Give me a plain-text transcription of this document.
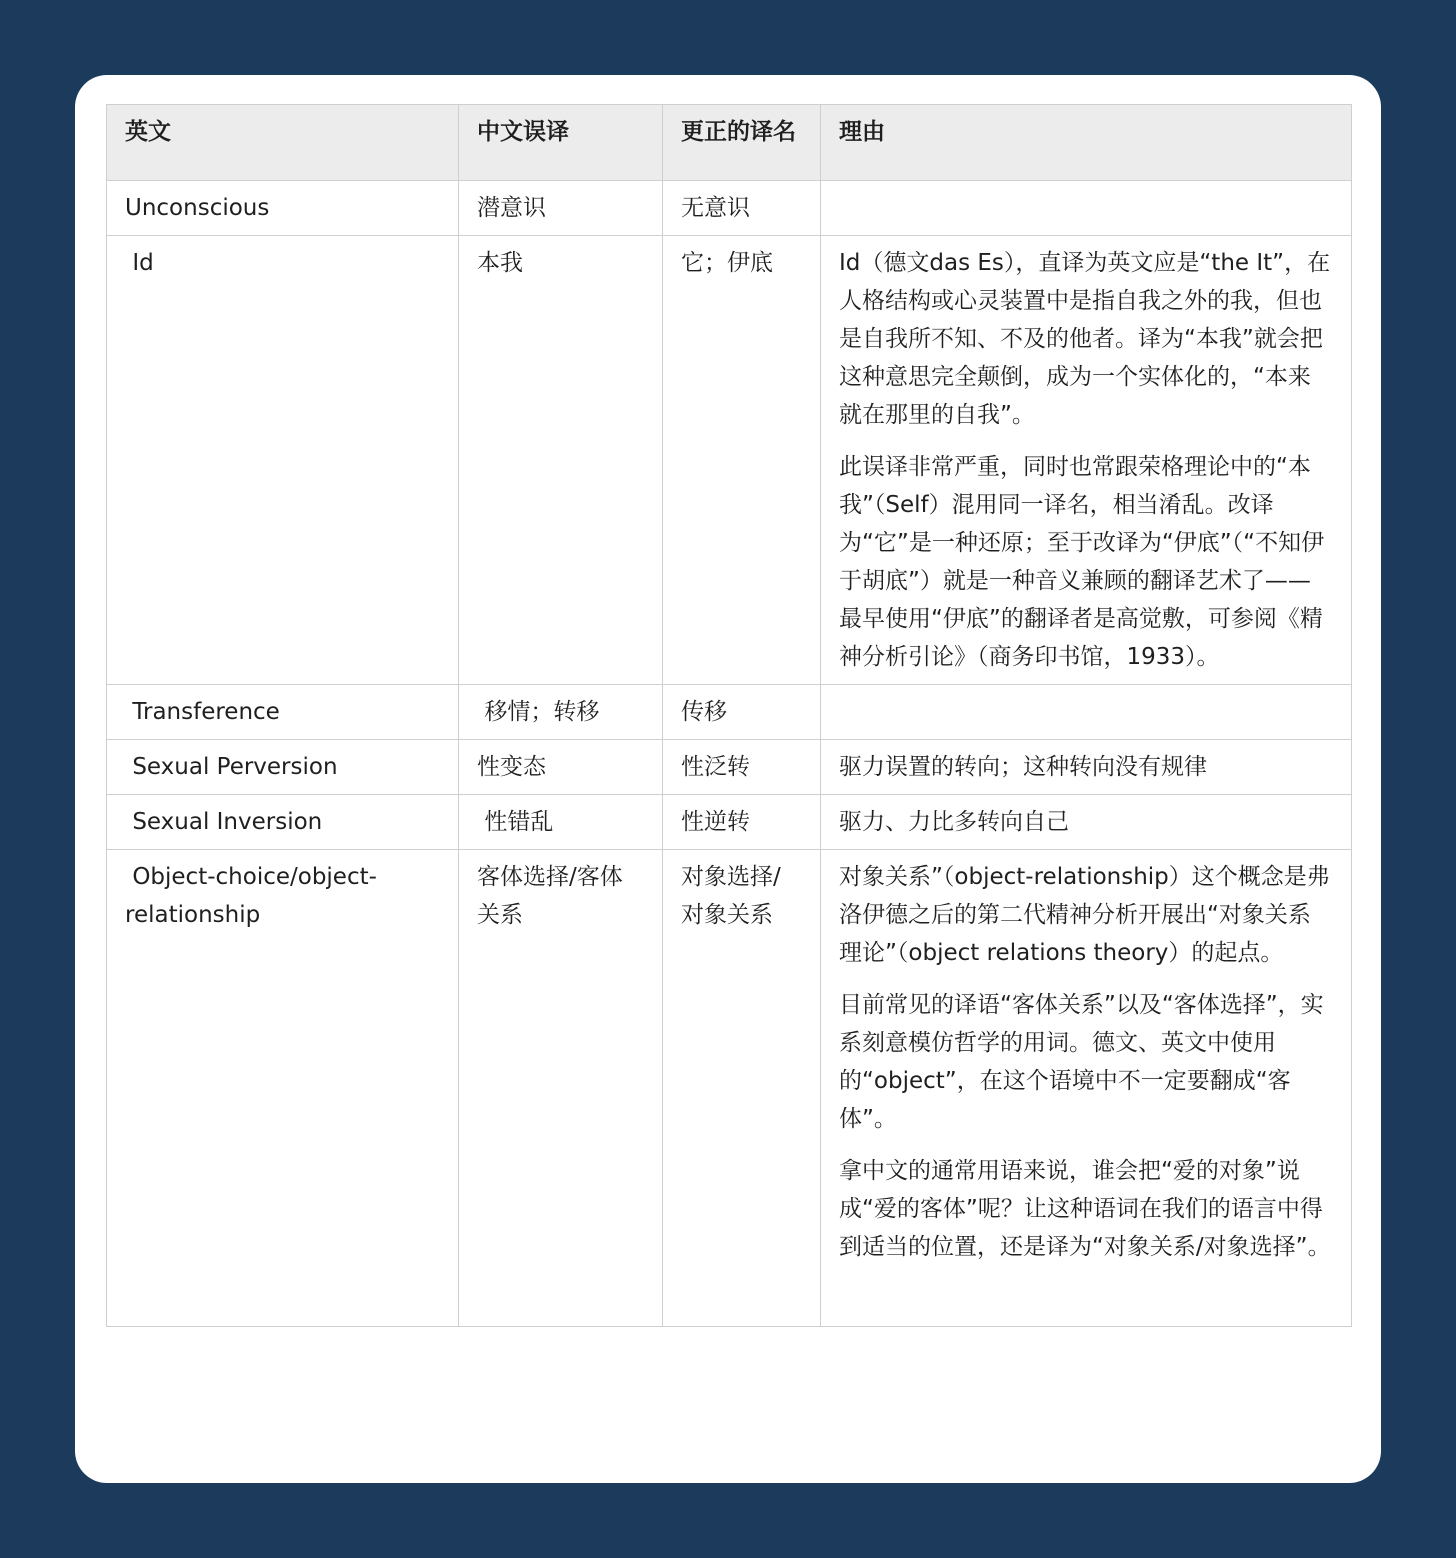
英文	中文误译	更正的译名	理由
Unconscious	潜意识	无意识	
Id	本我	它；伊底	Id（德文das Es），直译为英文应是“the It”，在人格结构或心灵装置中是指自我之外的我，但也是自我所不知、不及的他者。译为“本我”就会把这种意思完全颠倒，成为一个实体化的，“本来就在那里的自我”。

此误译非常严重，同时也常跟荣格理论中的“本我”（Self）混用同一译名，相当淆乱。改译为“它”是一种还原；至于改译为“伊底”（“不知伊于胡底”）就是一种音义兼顾的翻译艺术了——最早使用“伊底”的翻译者是高觉敷，可参阅《精神分析引论》（商务印书馆，1933）。

Transference	移情；转移	传移	
Sexual Perversion	性变态	性泛转	驱力误置的转向；这种转向没有规律

Sexual Inversion	性错乱	性逆转	驱力、力比多转向自己

Object-choice/object-relationship	客体选择/客体关系	对象选择/对象关系	对象关系”（object-relationship）这个概念是弗洛伊德之后的第二代精神分析开展出“对象关系理论”（object relations theory）的起点。

目前常见的译语“客体关系”以及“客体选择”，实系刻意模仿哲学的用词。德文、英文中使用的“object”，在这个语境中不一定要翻成“客体”。

拿中文的通常用语来说，谁会把“爱的对象”说成“爱的客体”呢？让这种语词在我们的语言中得到适当的位置，还是译为“对象关系/对象选择”。
